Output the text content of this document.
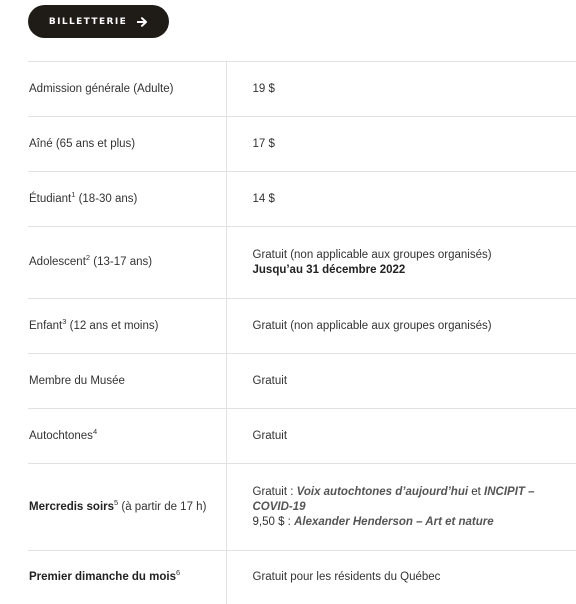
BILLETTERIE
Admission générale (Adulte)	19 $
Aîné (65 ans et plus)	17 $
Étudiant$^1$ (18-30 ans)	14 $
Adolescent$^2$ (13-17 ans)	Gratuit (non applicable aux groupes organisés)
Jusqu’au 31 décembre 2022
Enfant$^3$ (12 ans et moins)	Gratuit (non applicable aux groupes organisés)
Membre du Musée	Gratuit
Autochtones$^4$	Gratuit
Mercredis soirs$^5$ (à partir de 17 h)	Gratuit : Voix autochtones d’aujourd’hui et INCIPIT – COVID-19
9,50 $ : Alexander Henderson – Art et nature
Premier dimanche du mois$^6$	Gratuit pour les résidents du Québec
